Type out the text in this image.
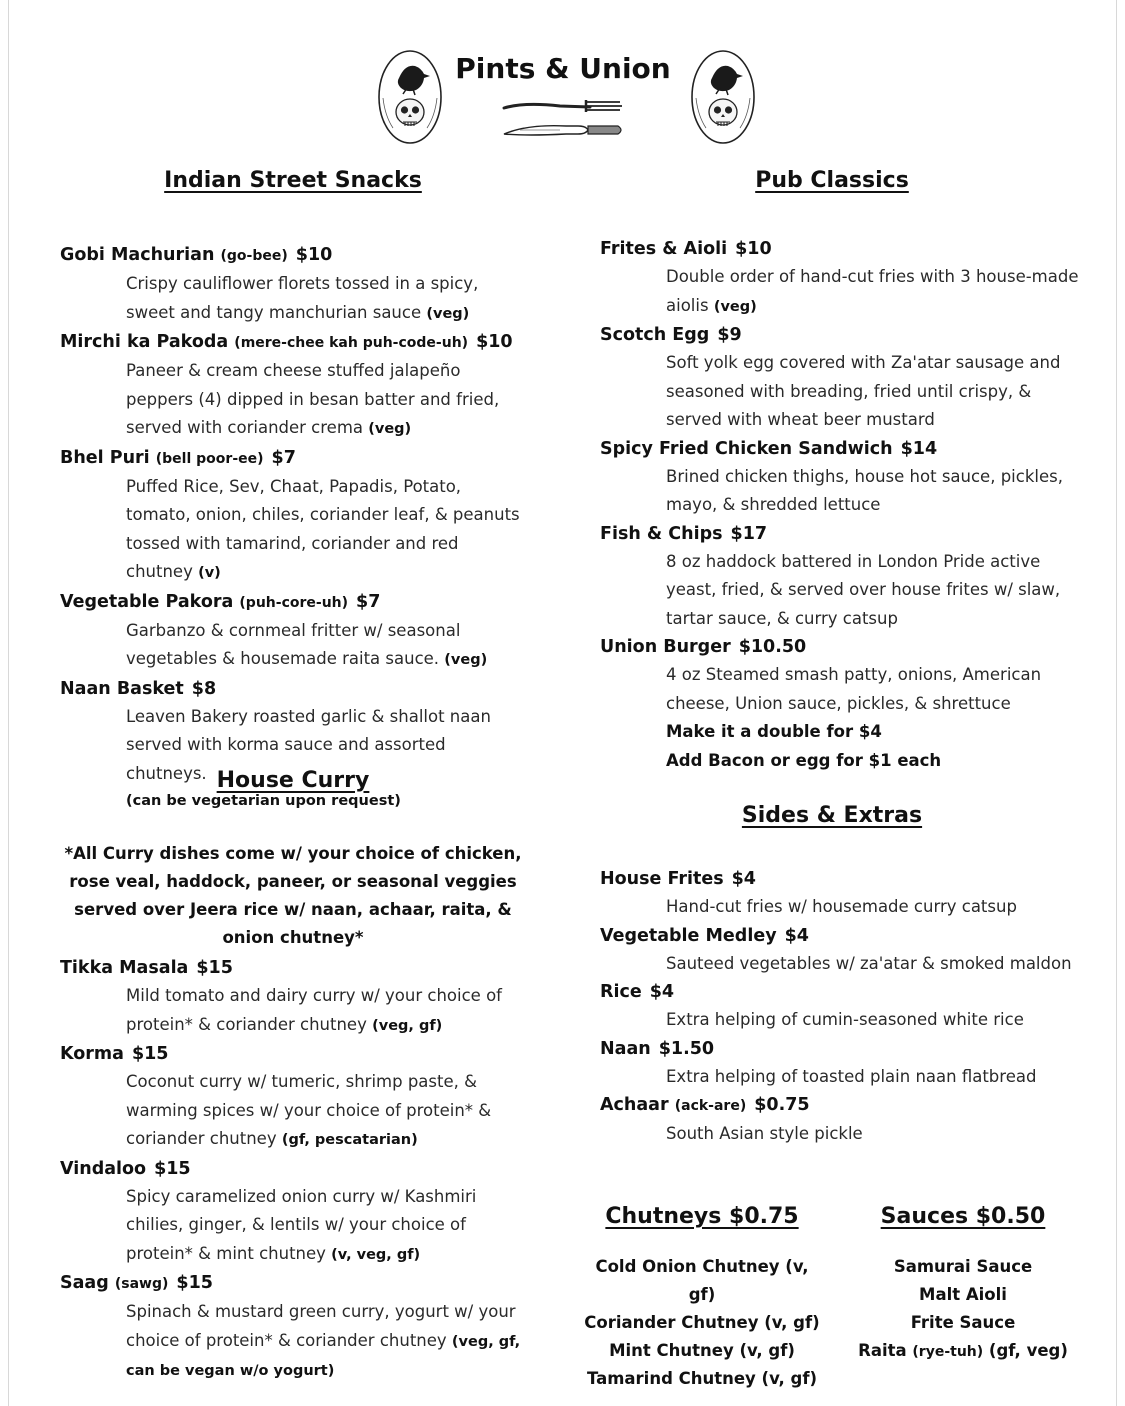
Pints & Union
Indian Street Snacks	Pub Classics
House Curry
Sides & Extras
Chutneys $0.75	Sauces $0.50
Gobi Machurian (go-bee) $10
Crispy cauliflower florets tossed in a spicy, sweet and tangy manchurian sauce (veg)
Mirchi ka Pakoda (mere-chee kah puh-code-uh) $10
Paneer & cream cheese stuffed jalapeño peppers (4) dipped in besan batter and fried, served with coriander crema (veg)
Bhel Puri (bell poor-ee) $7
Puffed Rice, Sev, Chaat, Papadis, Potato, tomato, onion, chiles, coriander leaf, & peanuts tossed with tamarind, coriander and red chutney (v)
Vegetable Pakora (puh-core-uh) $7
Garbanzo & cornmeal fritter w/ seasonal vegetables & housemade raita sauce. (veg)
Naan Basket $8
Leaven Bakery roasted garlic & shallot naan served with korma sauce and assorted chutneys.
(can be vegetarian upon request)
*All Curry dishes come w/ your choice of chicken, rose veal, haddock, paneer, or seasonal veggies served over Jeera rice w/ naan, achaar, raita, & onion chutney*
Tikka Masala $15
Mild tomato and dairy curry w/ your choice of protein* & coriander chutney (veg, gf)
Korma $15
Coconut curry w/ tumeric, shrimp paste, & warming spices w/ your choice of protein* & coriander chutney (gf, pescatarian)
Vindaloo $15
Spicy caramelized onion curry w/ Kashmiri chilies, ginger, & lentils w/ your choice of protein* & mint chutney (v, veg, gf)
Saag (sawg) $15
Spinach & mustard green curry, yogurt w/ your choice of protein* & coriander chutney (veg, gf, can be vegan w/o yogurt)
Frites & Aioli $10
Double order of hand-cut fries with 3 house-made aiolis (veg)
Scotch Egg $9
Soft yolk egg covered with Za'atar sausage and seasoned with breading, fried until crispy, & served with wheat beer mustard
Spicy Fried Chicken Sandwich $14
Brined chicken thighs, house hot sauce, pickles, mayo, & shredded lettuce
Fish & Chips $17
8 oz haddock battered in London Pride active yeast, fried, & served over house frites w/ slaw, tartar sauce, & curry catsup
Union Burger $10.50
4 oz Steamed smash patty, onions, American cheese, Union sauce, pickles, & shrettuce
Make it a double for $4
Add Bacon or egg for $1 each
House Frites $4
Hand-cut fries w/ housemade curry catsup
Vegetable Medley $4
Sauteed vegetables w/ za'atar & smoked maldon
Rice $4
Extra helping of cumin-seasoned white rice
Naan $1.50
Extra helping of toasted plain naan flatbread
Achaar (ack-are) $0.75
South Asian style pickle
Cold Onion Chutney (v, gf)
Coriander Chutney (v, gf)
Mint Chutney (v, gf)
Tamarind Chutney (v, gf)
Samurai Sauce
Malt Aioli
Frite Sauce
Raita (rye-tuh) (gf, veg)
